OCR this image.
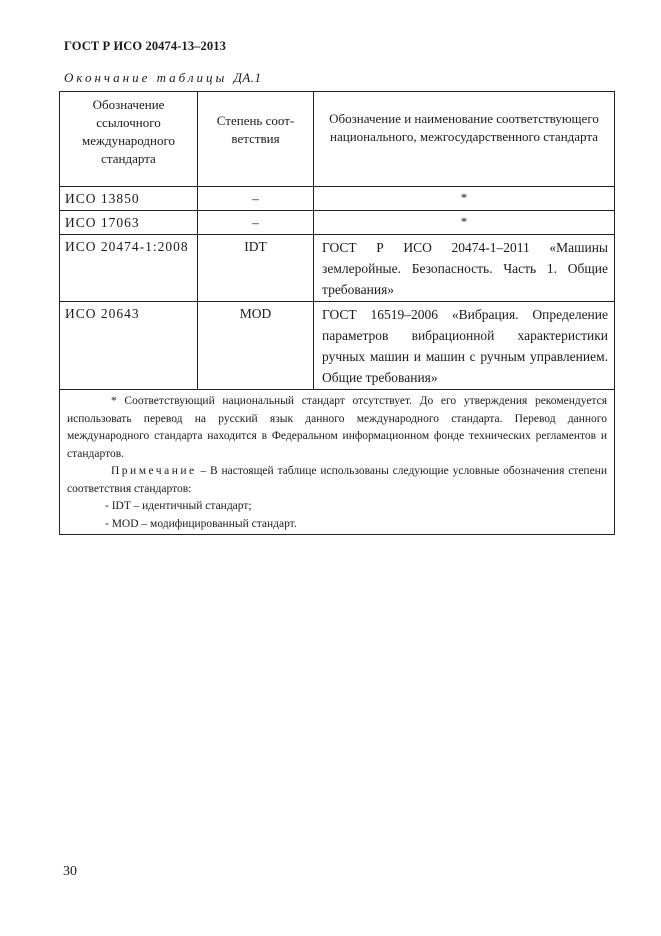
ГОСТ Р ИСО 20474-13–2013
Окончание таблицы ДА.1
Обозначение ссылочного международного стандарта	Степень соот-ветствия	Обозначение и наименование соответствующего национального, межгосударственного стандарта
ИСО 13850	–	*
ИСО 17063	–	*
ИСО 20474-1:2008	IDT	ГОСТ Р ИСО 20474-1–2011 «Машины землеройные. Безопасность. Часть 1. Общие требования»
ИСО 20643	MOD	ГОСТ 16519–2006 «Вибрация. Определение параметров вибрационной характеристики ручных машин и машин с ручным управлением. Общие требования»

* Соответствующий национальный стандарт отсутствует. До его утверждения рекомендуется использовать перевод на русский язык данного международного стандарта. Перевод данного международного стандарта находится в Федеральном информационном фонде технических регламентов и стандартов.

Примечание – В настоящей таблице использованы следующие условные обозначения степени соответствия стандартов:

- IDT – идентичный стандарт;

- MOD – модифицированный стандарт.		

30
